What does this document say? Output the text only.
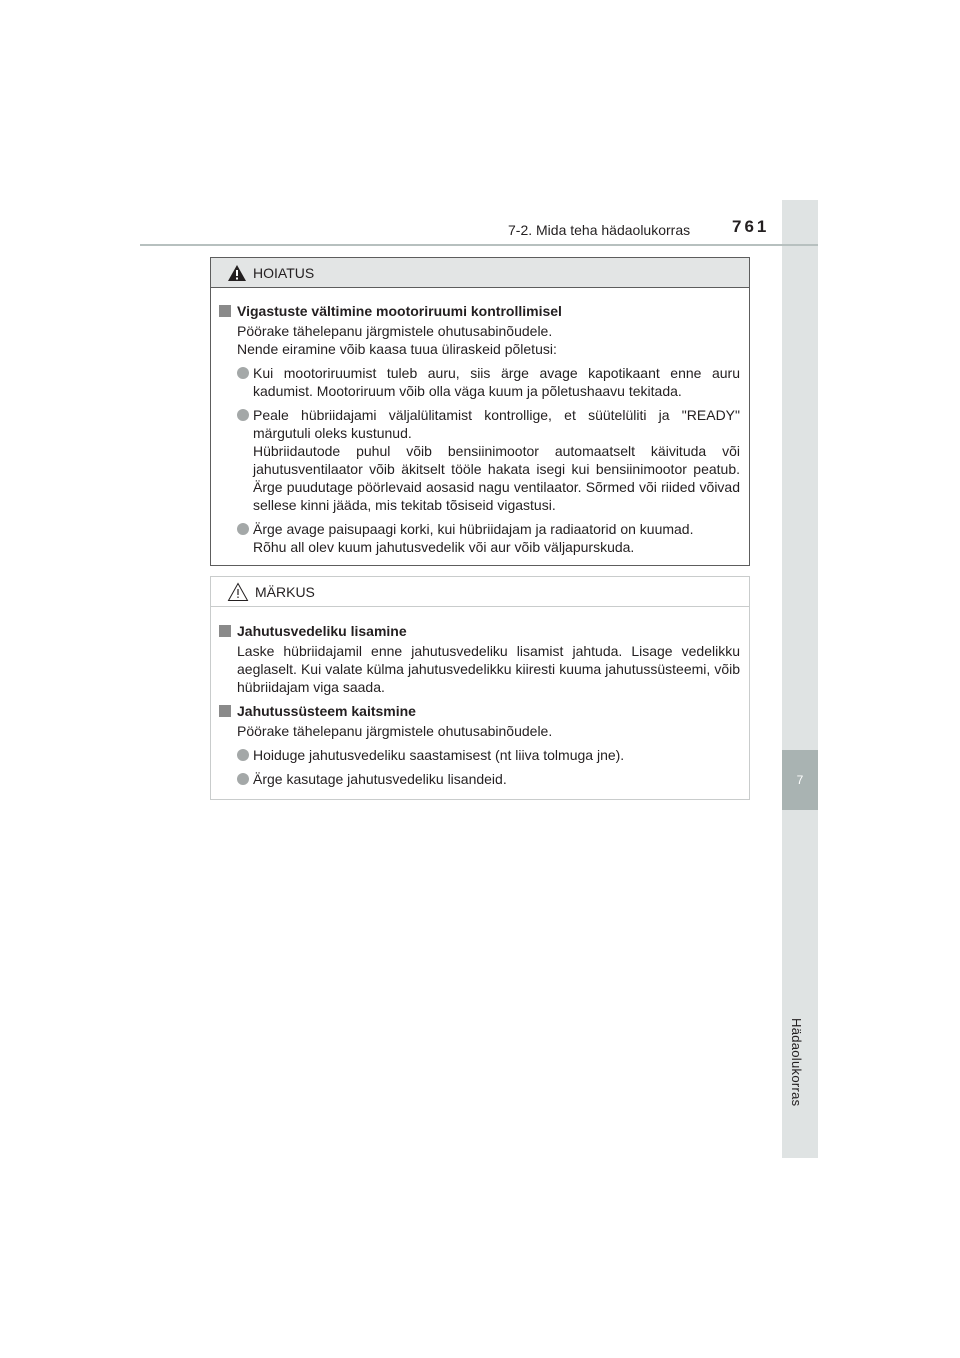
7
Hädaolukorras
7-2. Mida teha hädaolukorras 761
HOIATUS
Vigastuste vältimine mootoriruumi kontrollimisel
Pöörake tähelepanu järgmistele ohutusabinõudele.
Nende eiramine võib kaasa tuua üliraskeid põletusi:
Kui mootoriruumist tuleb auru, siis ärge avage kapotikaant enne auru kadumist. Mootoriruum võib olla väga kuum ja põletushaavu tekitada.
Peale hübriidajami väljalülitamist kontrollige, et süütelüliti ja "READY" märgutuli oleks kustunud.
Hübriidautode puhul võib bensiinimootor automaatselt käivituda või jahutusventilaator võib äkitselt tööle hakata isegi kui bensiinimootor peatub. Ärge puudutage pöörlevaid aosasid nagu ventilaator. Sõrmed või riided võivad sellese kinni jääda, mis tekitab tõsiseid vigastusi.
Ärge avage paisupaagi korki, kui hübriidajam ja radiaatorid on kuumad.
Rõhu all olev kuum jahutusvedelik või aur võib väljapurskuda.
MÄRKUS
Jahutusvedeliku lisamine
Laske hübriidajamil enne jahutusvedeliku lisamist jahtuda. Lisage vedelikku aeglaselt. Kui valate külma jahutusvedelikku kiiresti kuuma jahutussüsteemi, võib hübriidajam viga saada.
Jahutussüsteem kaitsmine
Pöörake tähelepanu järgmistele ohutusabinõudele.
Hoiduge jahutusvedeliku saastamisest (nt liiva tolmuga jne).
Ärge kasutage jahutusvedeliku lisandeid.
